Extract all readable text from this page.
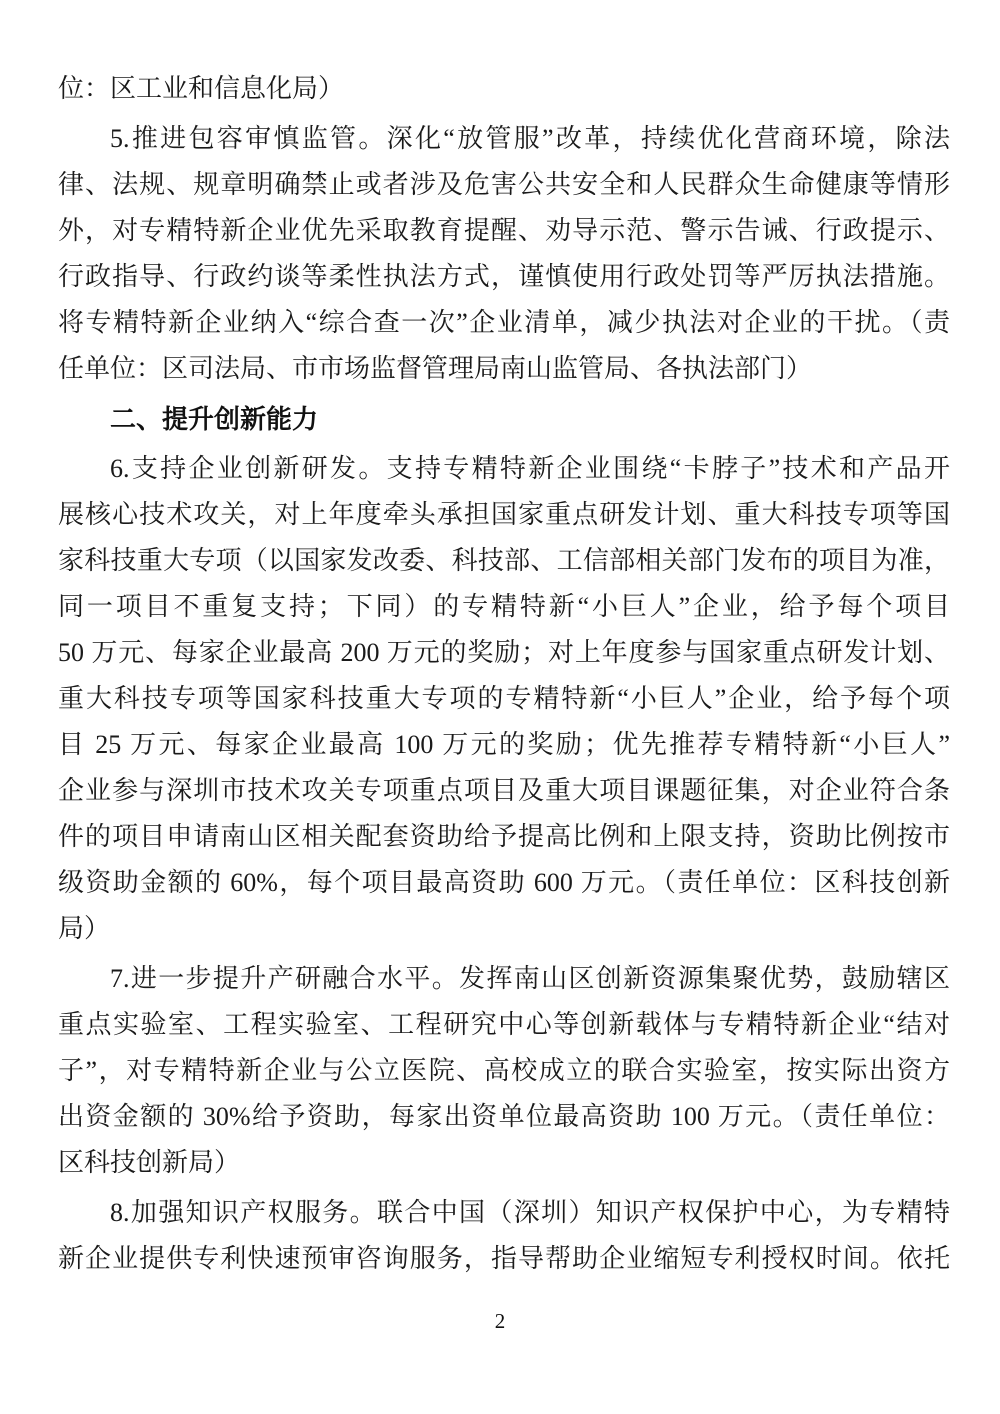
位：区工业和信息化局）

5.推进包容审慎监管。深化“放管服”改革，持续优化营商环境，除法

律、法规、规章明确禁止或者涉及危害公共安全和人民群众生命健康等情形

外，对专精特新企业优先采取教育提醒、劝导示范、警示告诫、行政提示、

行政指导、行政约谈等柔性执法方式，谨慎使用行政处罚等严厉执法措施。

将专精特新企业纳入“综合查一次”企业清单，减少执法对企业的干扰。（责

任单位：区司法局、市市场监督管理局南山监管局、各执法部门）

二、提升创新能力

6.支持企业创新研发。支持专精特新企业围绕“卡脖子”技术和产品开

展核心技术攻关，对上年度牵头承担国家重点研发计划、重大科技专项等国

家科技重大专项（以国家发改委、科技部、工信部相关部门发布的项目为准，

同一项目不重复支持；下同）的专精特新“小巨人”企业，给予每个项目

50 万元、每家企业最高 200 万元的奖励；对上年度参与国家重点研发计划、

重大科技专项等国家科技重大专项的专精特新“小巨人”企业，给予每个项

目 25 万元、每家企业最高 100 万元的奖励；优先推荐专精特新“小巨人”

企业参与深圳市技术攻关专项重点项目及重大项目课题征集，对企业符合条

件的项目申请南山区相关配套资助给予提高比例和上限支持，资助比例按市

级资助金额的 60%，每个项目最高资助 600 万元。（责任单位：区科技创新

局）

7.进一步提升产研融合水平。发挥南山区创新资源集聚优势，鼓励辖区

重点实验室、工程实验室、工程研究中心等创新载体与专精特新企业“结对

子”，对专精特新企业与公立医院、高校成立的联合实验室，按实际出资方

出资金额的 30%给予资助，每家出资单位最高资助 100 万元。（责任单位：

区科技创新局）

8.加强知识产权服务。联合中国（深圳）知识产权保护中心，为专精特

新企业提供专利快速预审咨询服务，指导帮助企业缩短专利授权时间。依托

2
